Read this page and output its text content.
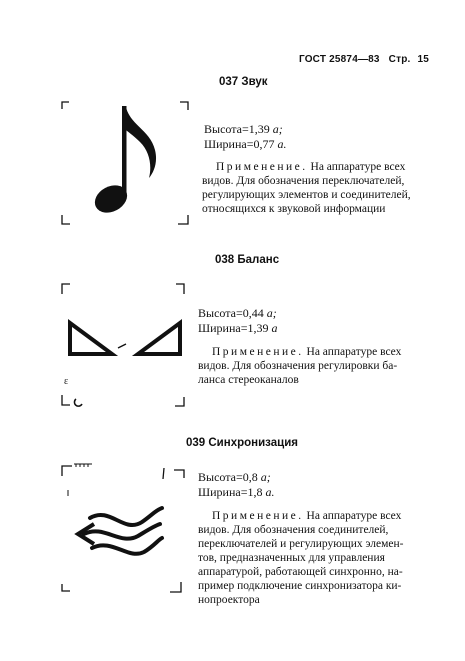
ГОСТ 25874—83 Стр. 15
037 Звук
Высота=1,39 a;
Ширина=0,77 a.
Применение. На аппаратуре всех
видов. Для обозначения переключателей,
регулирующих элементов и соединителей,
относящихся к звуковой информации
038 Баланс
ɛ
Высота=0,44 a;
Ширина=1,39 a
Применение. На аппаратуре всех
видов. Для обозначения регулировки ба-
ланса стереоканалов
039 Синхронизация
Высота=0,8 a;
Ширина=1,8 a.
Применение. На аппаратуре всех
видов. Для обозначения соединителей,
переключателей и регулирующих элемен-
тов, предназначенных для управления
аппаратурой, работающей синхронно, на-
пример подключение синхронизатора ки-
нопроектора
